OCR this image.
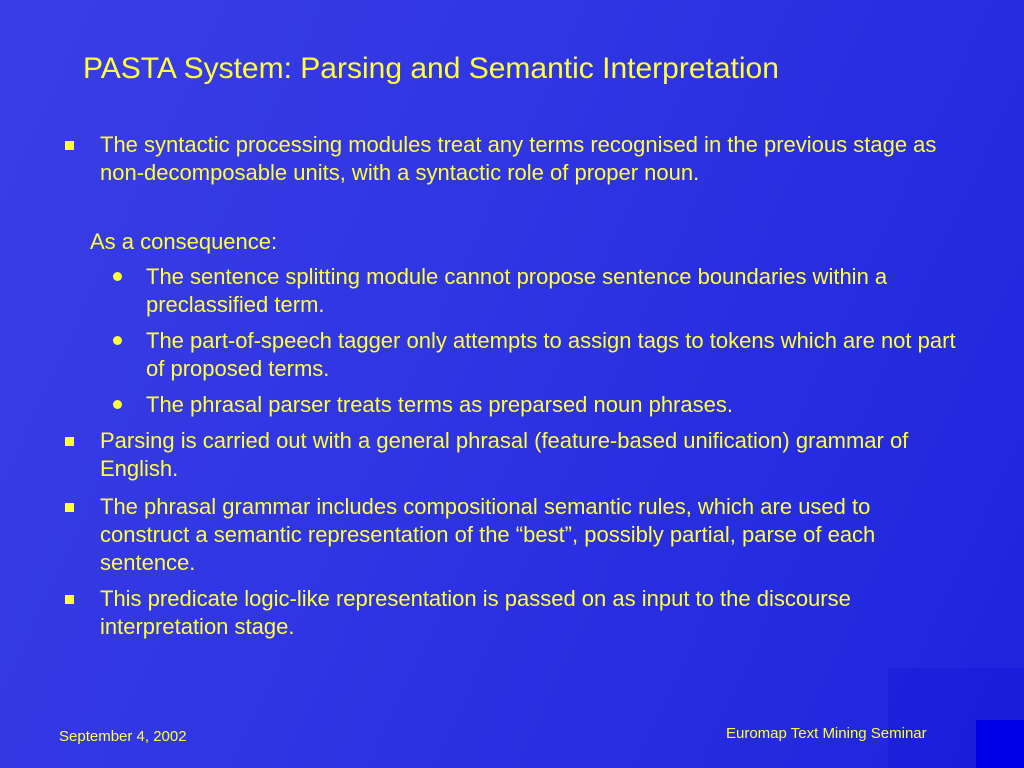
PASTA System: Parsing and Semantic Interpretation
The syntactic processing modules treat any terms recognised in the previous stage as non-decomposable units, with a syntactic role of proper noun.
As a consequence:
The sentence splitting module cannot propose sentence boundaries within a preclassified term.
The part-of-speech tagger only attempts to assign tags to tokens which are not part of proposed terms.
The phrasal parser treats terms as preparsed noun phrases.
Parsing is carried out with a general phrasal (feature-based unification) grammar of English.
The phrasal grammar includes compositional semantic rules, which are used to construct a semantic representation of the “best”, possibly partial, parse of each sentence.
This predicate logic-like representation is passed on as input to the discourse interpretation stage.
September 4, 2002	Euromap Text Mining Seminar
